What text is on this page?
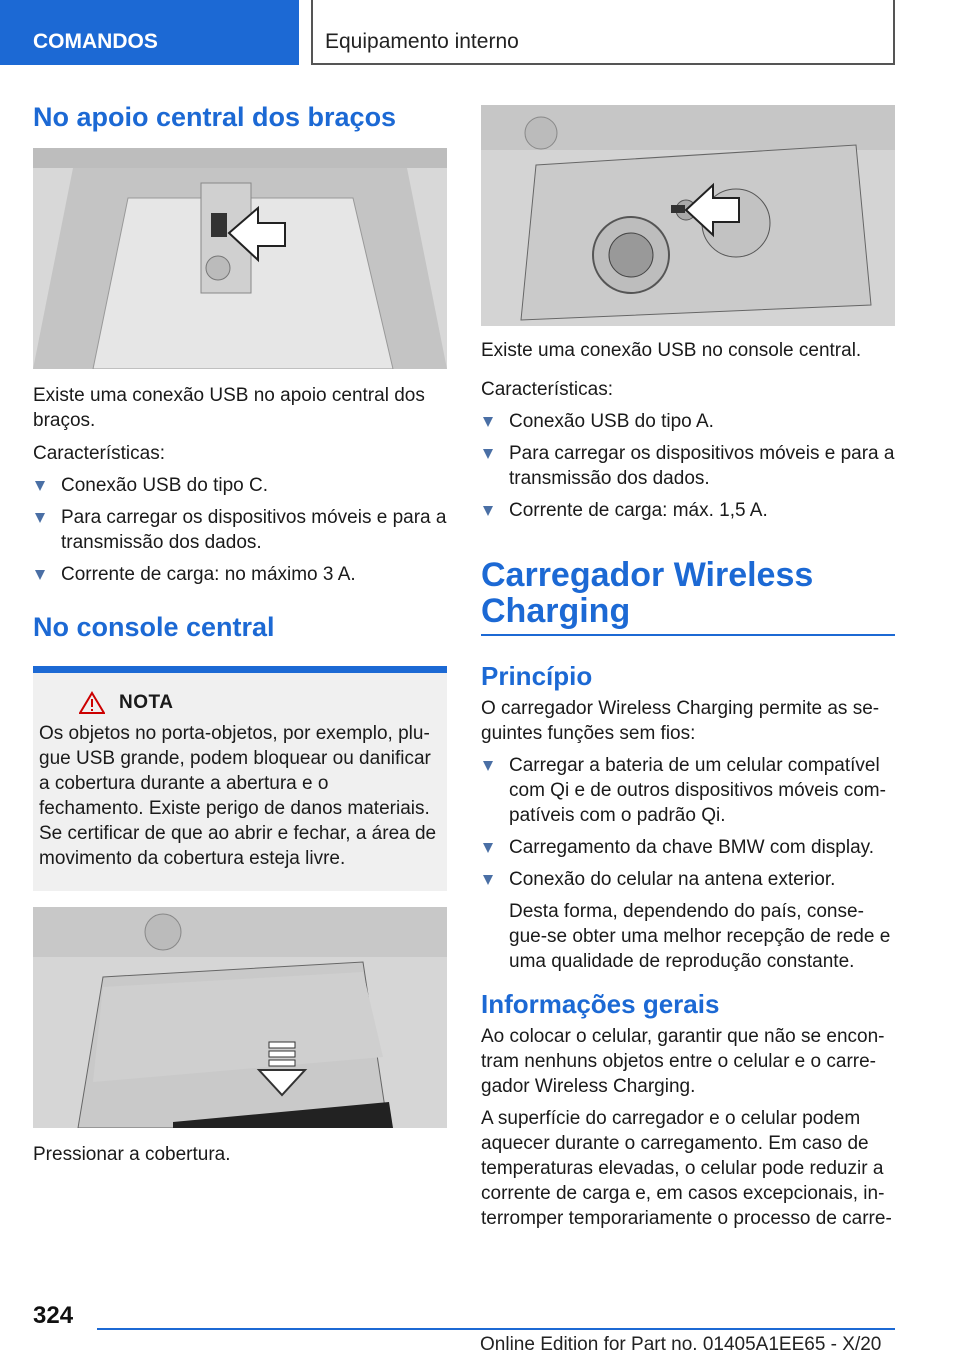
COMANDOS	Equipamento interno
No apoio central dos braços

Existe uma conexão USB no apoio central dos braços.

Características:

Conexão USB do tipo C.
Para carregar os dispositivos móveis e para a transmissão dos dados.
Corrente de carga: no máximo 3 A.
No console central
NOTA

Os objetos no porta-objetos, por exemplo, plu-gue USB grande, podem bloquear ou danificar a cobertura durante a abertura e o fechamento. Existe perigo de danos materiais. Se certificar de que ao abrir e fechar, a área de movimento da cobertura esteja livre.

Pressionar a cobertura.

Existe uma conexão USB no console central.

Características:

Conexão USB do tipo A.
Para carregar os dispositivos móveis e para a transmissão dos dados.
Corrente de carga: máx. 1,5 A.
Carregador Wireless Charging
Princípio

O carregador Wireless Charging permite as se-guintes funções sem fios:

Carregar a bateria de um celular compatível com Qi e de outros dispositivos móveis com-patíveis com o padrão Qi.
Carregamento da chave BMW com display.
Conexão do celular na antena exterior.

Desta forma, dependendo do país, conse-gue-se obter uma melhor recepção de rede e uma qualidade de reprodução constante.

Informações gerais

Ao colocar o celular, garantir que não se encon-tram nenhuns objetos entre o celular e o carre-gador Wireless Charging.

A superfície do carregador e o celular podem aquecer durante o carregamento. Em caso de temperaturas elevadas, o celular pode reduzir a corrente de carga e, em casos excepcionais, in-terromper temporariamente o processo de carre-

324
Online Edition for Part no. 01405A1EE65 - X/20
